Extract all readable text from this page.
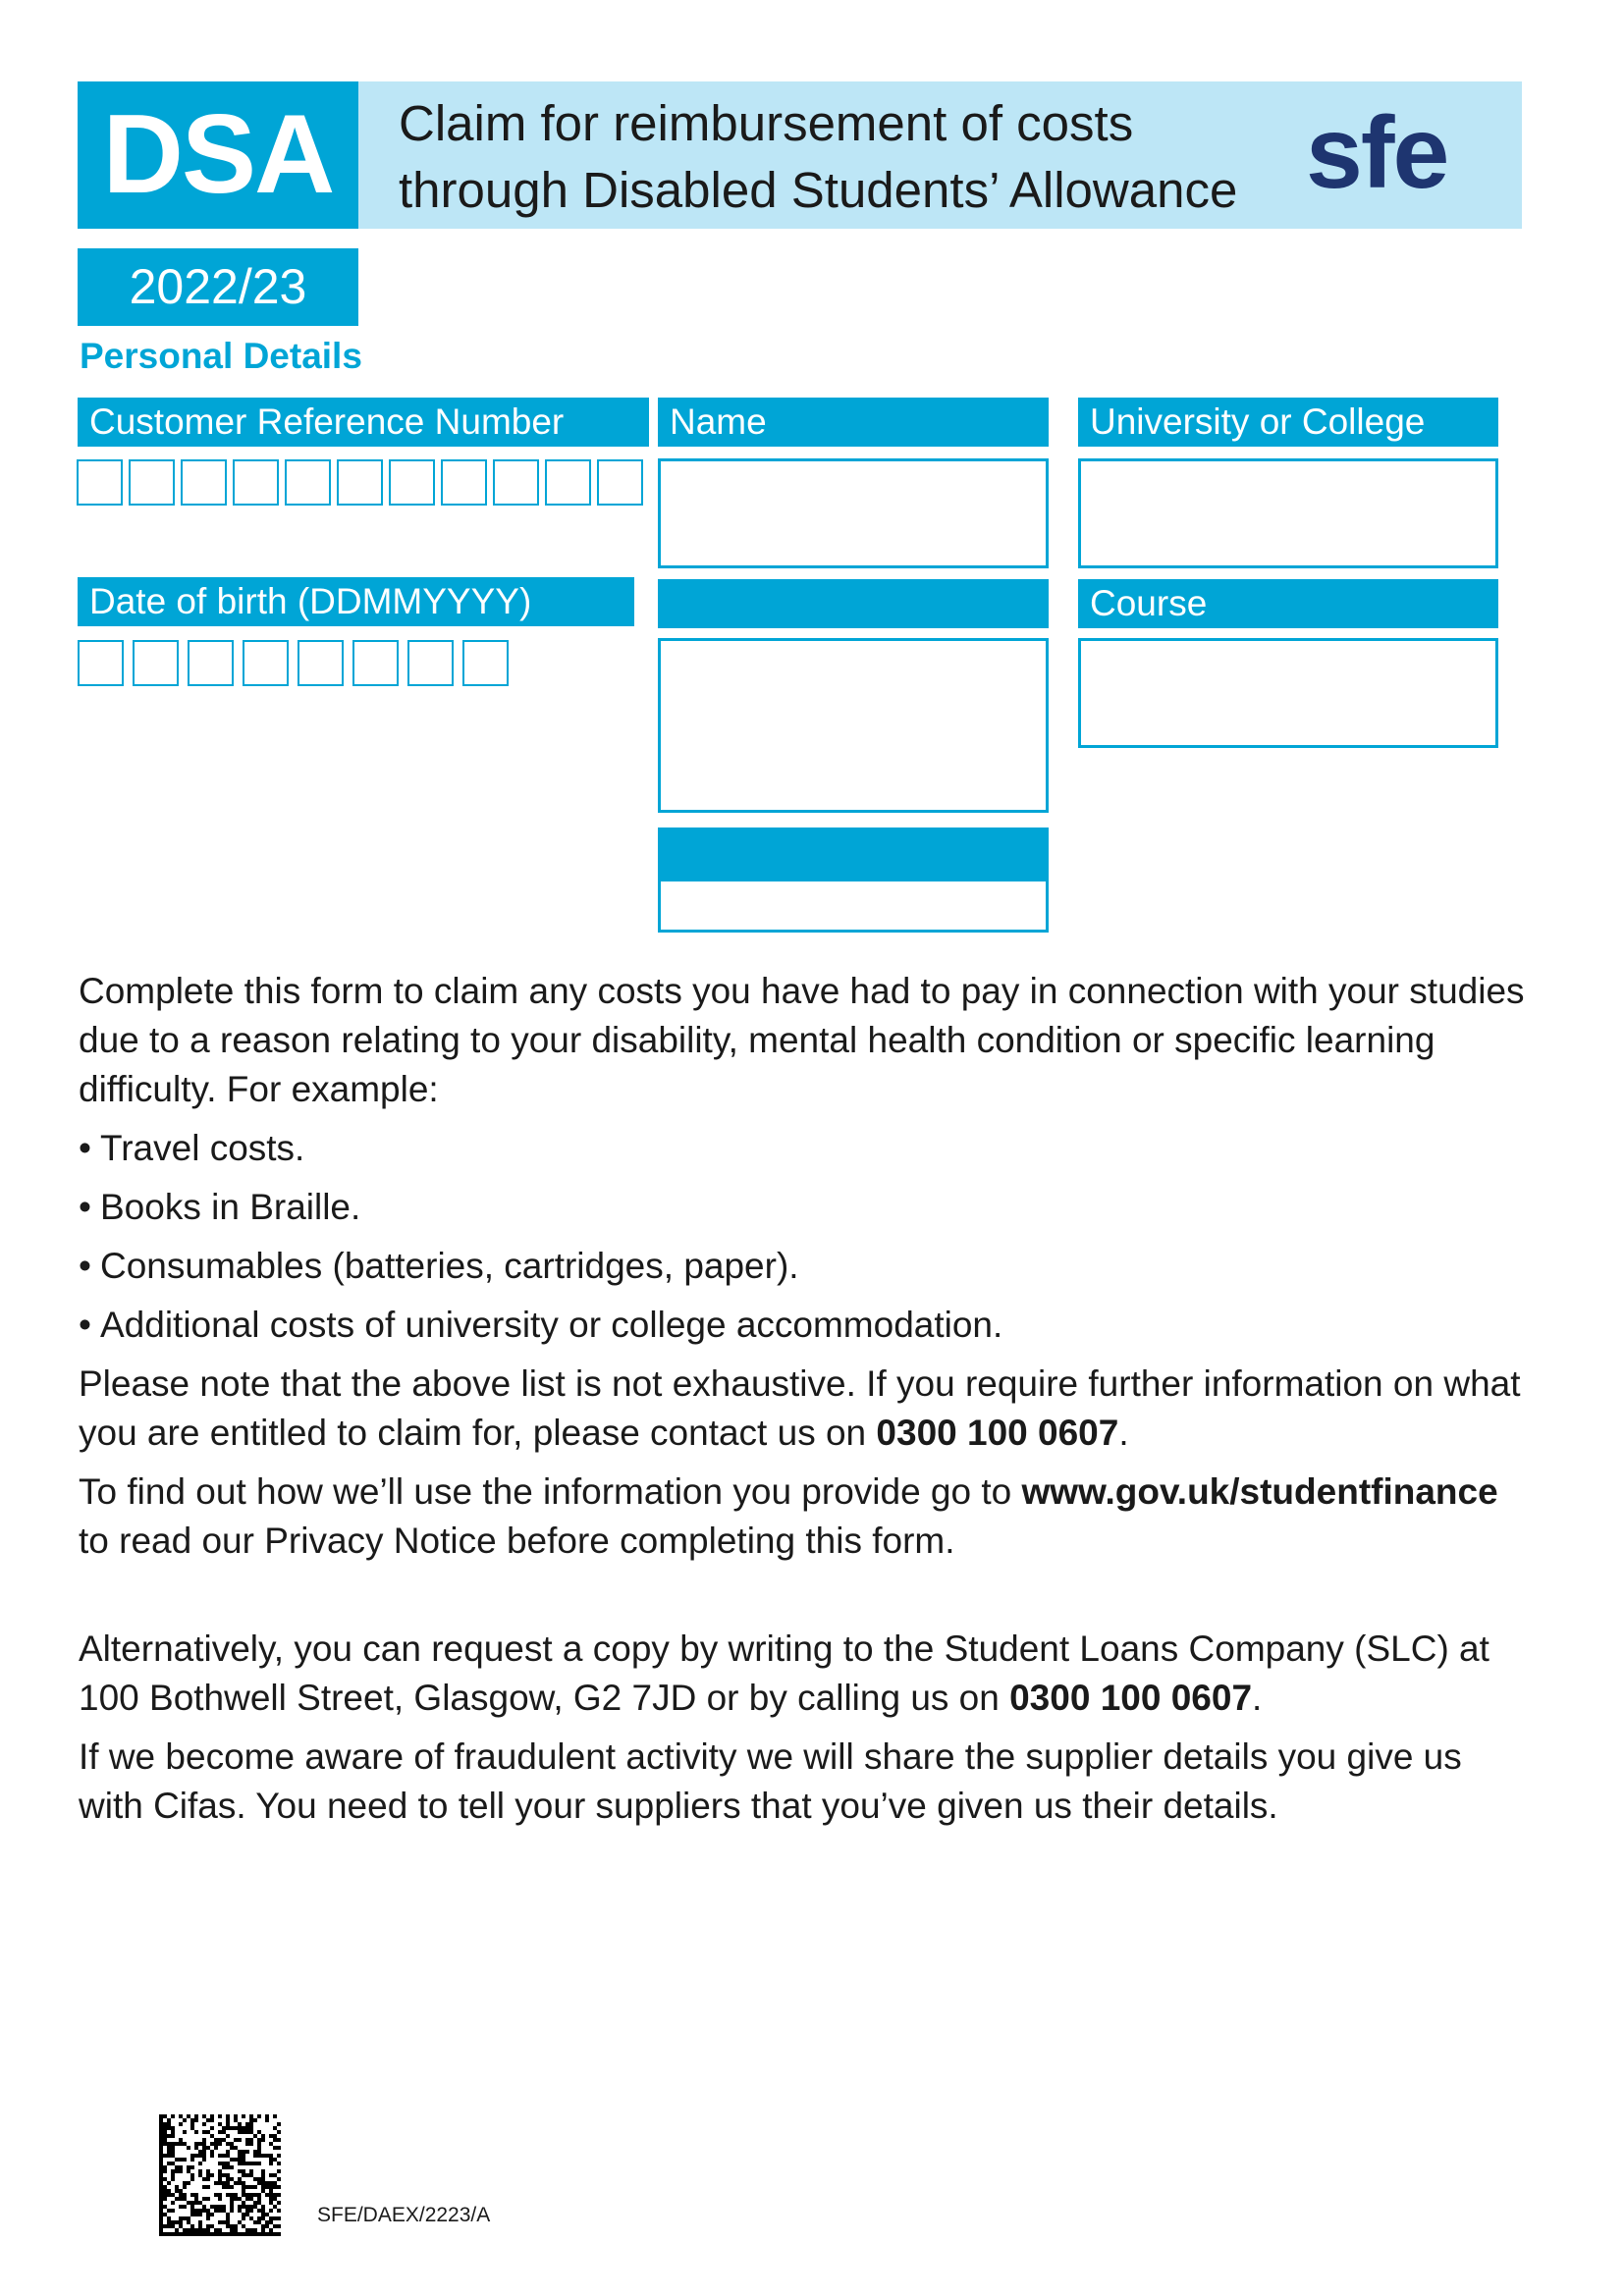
DSA	Claim for reimbursement of costs
through Disabled Students’ Allowance sfe
2022/23
Personal Details
Customer Reference Number
Date of birth (DDMMYYYY)
Name	University or College
Course

Complete this form to claim any costs you have had to pay in connection with your studies due to a reason relating to your disability, mental health condition or specific learning difficulty. For example:

• Travel costs.
• Books in Braille.
• Consumables (batteries, cartridges, paper).
• Additional costs of university or college accommodation.

Please note that the above list is not exhaustive. If you require further information on what you are entitled to claim for, please contact us on 0300 100 0607.

To find out how we’ll use the information you provide go to www.gov.uk/studentfinance to read our Privacy Notice before completing this form.

Alternatively, you can request a copy by writing to the Student Loans Company (SLC) at 100 Bothwell Street, Glasgow, G2 7JD or by calling us on 0300 100 0607.

If we become aware of fraudulent activity we will share the supplier details you give us with Cifas. You need to tell your suppliers that you’ve given us their details.

SFE/DAEX/2223/A
